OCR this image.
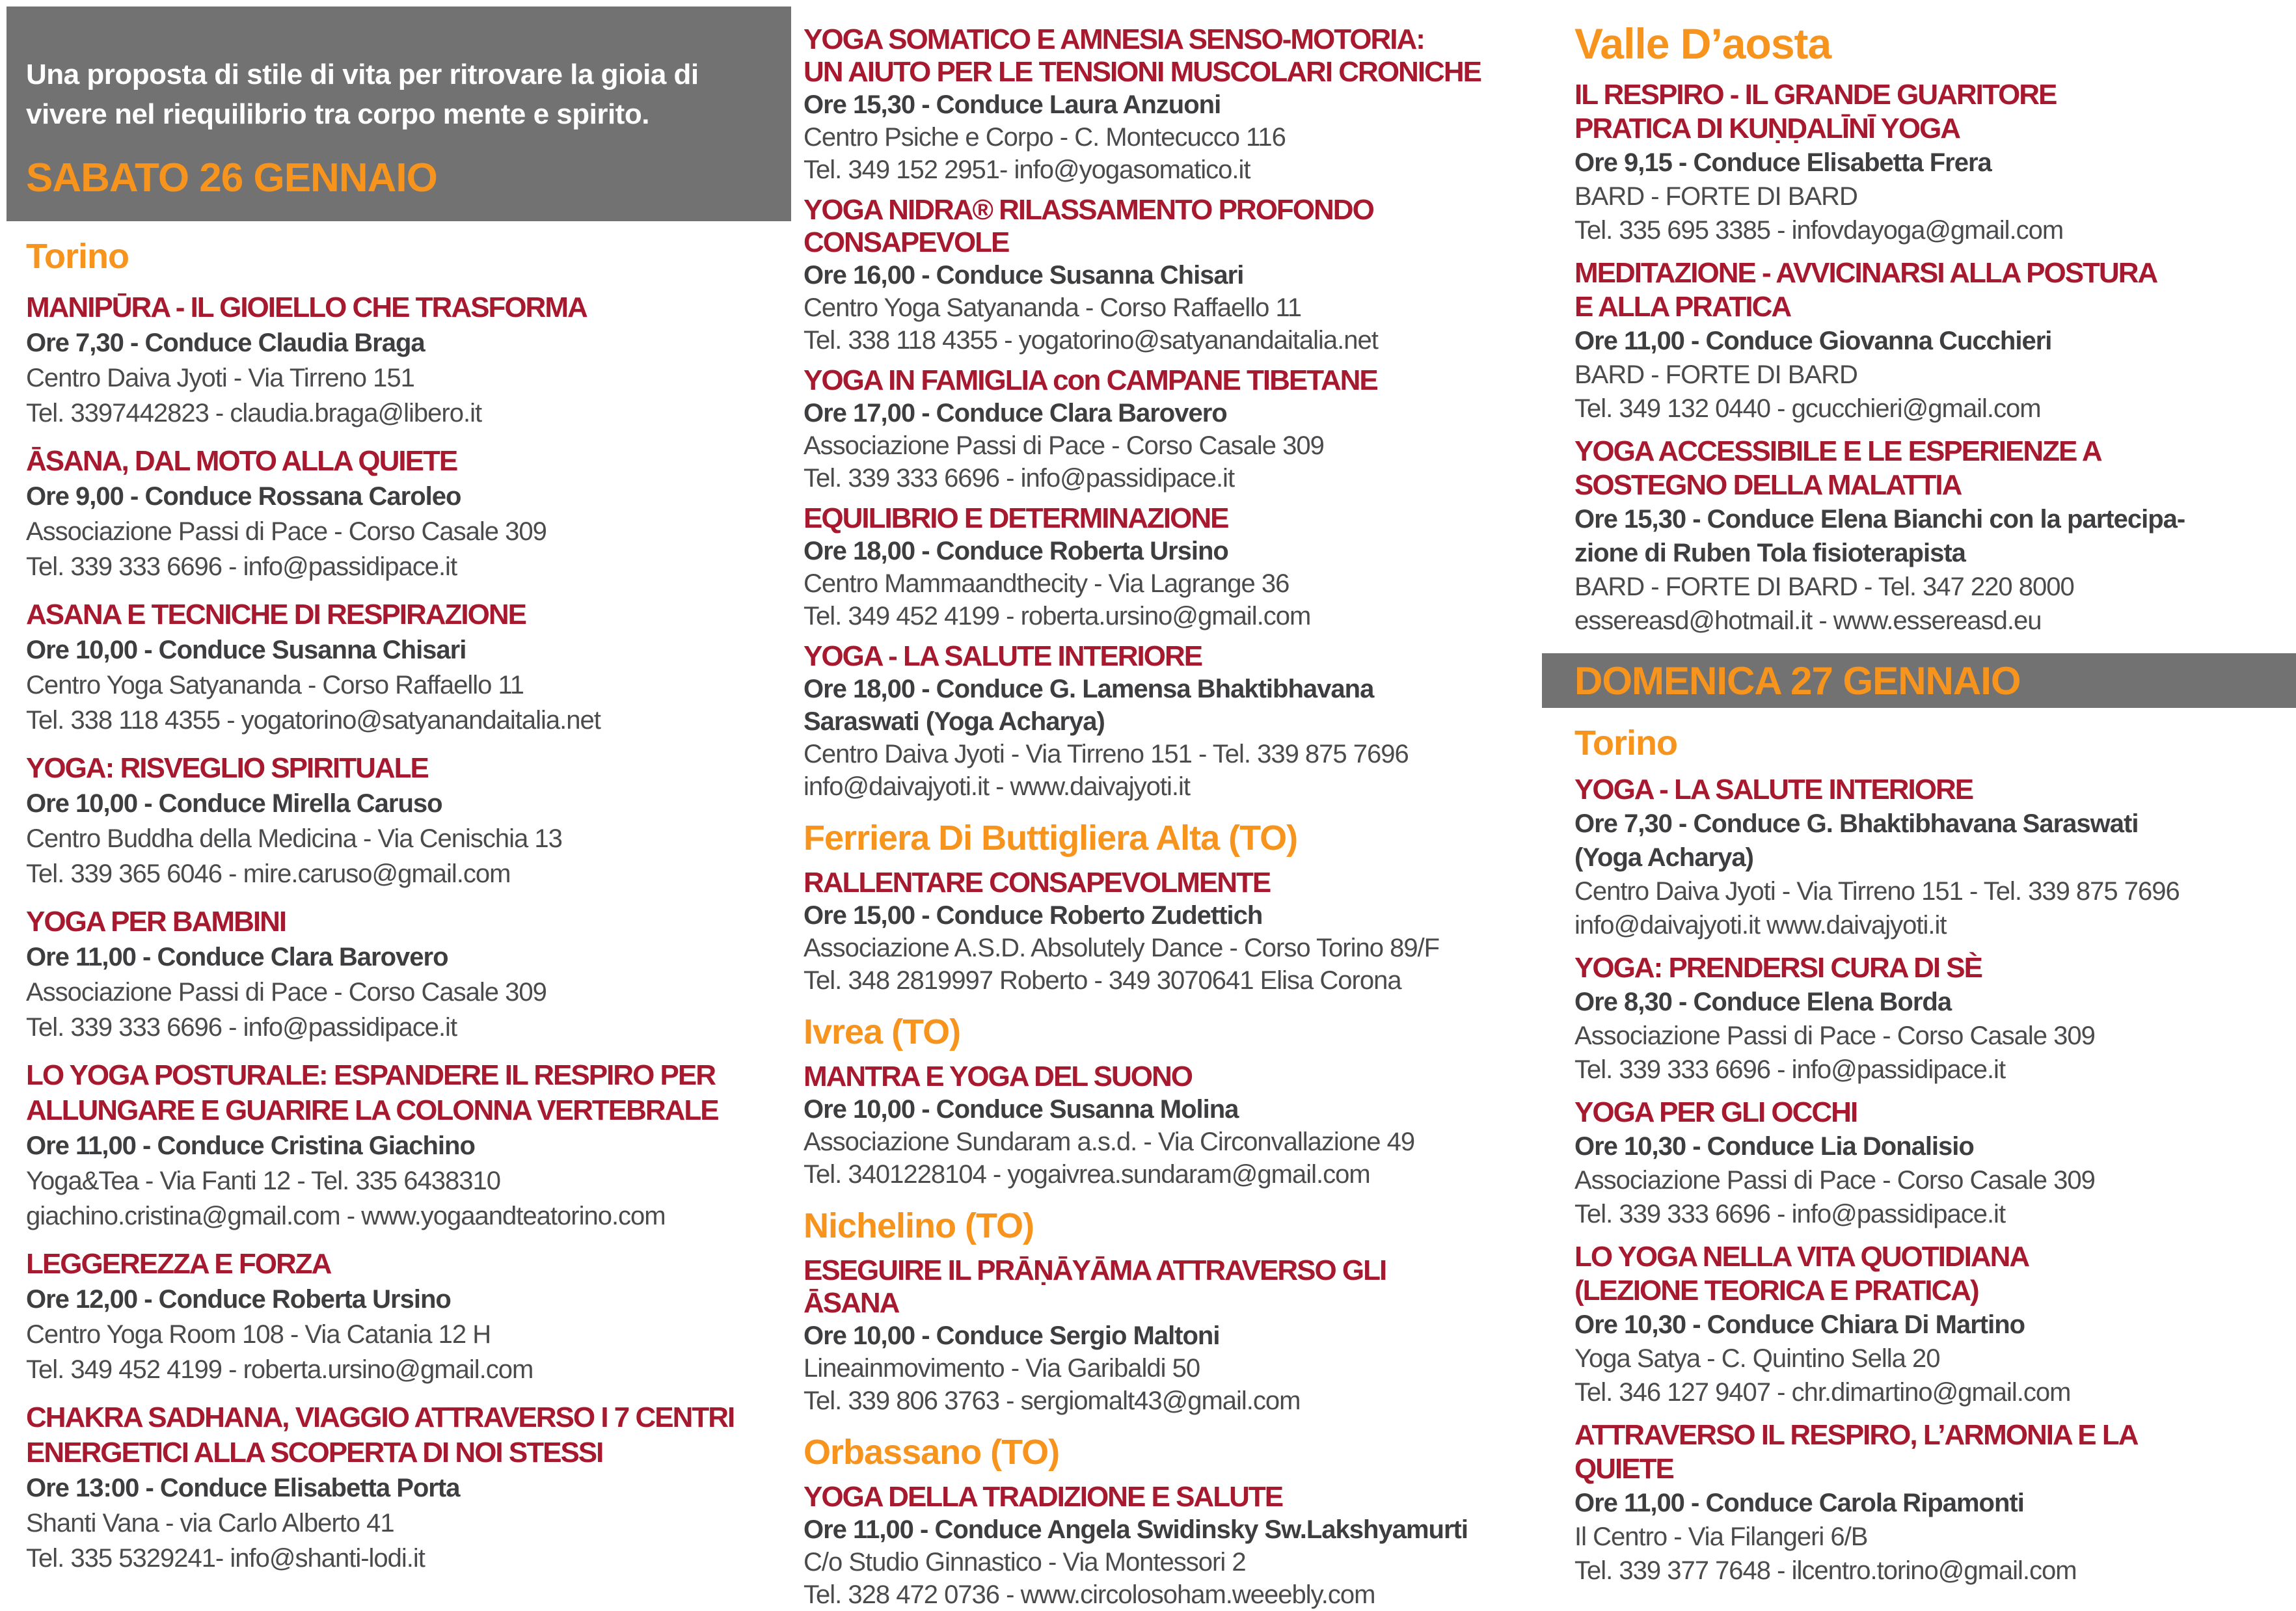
Una proposta di stile di vita per ritrovare la gioia di
vivere nel riequilibrio tra corpo mente e spirito.
SABATO 26 GENNAIO
Torino
MANIPŪRA - IL GIOIELLO CHE TRASFORMA
Ore 7,30 - Conduce Claudia Braga
Centro Daiva Jyoti - Via Tirreno 151
Tel. 3397442823 - claudia.braga@libero.it
ĀSANA, DAL MOTO ALLA QUIETE
Ore 9,00 - Conduce Rossana Caroleo
Associazione Passi di Pace - Corso Casale 309
Tel. 339 333 6696 - info@passidipace.it
ASANA E TECNICHE DI RESPIRAZIONE
Ore 10,00 - Conduce Susanna Chisari
Centro Yoga Satyananda - Corso Raffaello 11
Tel. 338 118 4355 - yogatorino@satyanandaitalia.net
YOGA: RISVEGLIO SPIRITUALE
Ore 10,00 - Conduce Mirella Caruso
Centro Buddha della Medicina - Via Cenischia 13
Tel. 339 365 6046 - mire.caruso@gmail.com
YOGA PER BAMBINI
Ore 11,00 - Conduce Clara Barovero
Associazione Passi di Pace - Corso Casale 309
Tel. 339 333 6696 - info@passidipace.it
LO YOGA POSTURALE: ESPANDERE IL RESPIRO PER
ALLUNGARE E GUARIRE LA COLONNA VERTEBRALE
Ore 11,00 - Conduce Cristina Giachino
Yoga&Tea - Via Fanti 12 - Tel. 335 6438310
giachino.cristina@gmail.com - www.yogaandteatorino.com
LEGGEREZZA E FORZA
Ore 12,00 - Conduce Roberta Ursino
Centro Yoga Room 108 - Via Catania 12 H
Tel. 349 452 4199 - roberta.ursino@gmail.com
CHAKRA SADHANA, VIAGGIO ATTRAVERSO I 7 CENTRI
ENERGETICI ALLA SCOPERTA DI NOI STESSI
Ore 13:00 - Conduce Elisabetta Porta
Shanti Vana - via Carlo Alberto 41
Tel. 335 5329241- info@shanti-lodi.it
YOGA SOMATICO E AMNESIA SENSO-MOTORIA:
UN AIUTO PER LE TENSIONI MUSCOLARI CRONICHE
Ore 15,30 - Conduce Laura Anzuoni
Centro Psiche e Corpo - C. Montecucco 116
Tel. 349 152 2951- info@yogasomatico.it
YOGA NIDRA® RILASSAMENTO PROFONDO
CONSAPEVOLE
Ore 16,00 - Conduce Susanna Chisari
Centro Yoga Satyananda - Corso Raffaello 11
Tel. 338 118 4355 - yogatorino@satyanandaitalia.net
YOGA IN FAMIGLIA con CAMPANE TIBETANE
Ore 17,00 - Conduce Clara Barovero
Associazione Passi di Pace - Corso Casale 309
Tel. 339 333 6696 - info@passidipace.it
EQUILIBRIO E DETERMINAZIONE
Ore 18,00 - Conduce Roberta Ursino
Centro Mammaandthecity - Via Lagrange 36
Tel. 349 452 4199 - roberta.ursino@gmail.com
YOGA - LA SALUTE INTERIORE
Ore 18,00 - Conduce G. Lamensa Bhaktibhavana
Saraswati (Yoga Acharya)
Centro Daiva Jyoti - Via Tirreno 151 - Tel. 339 875 7696
info@daivajyoti.it - www.daivajyoti.it
Ferriera Di Buttigliera Alta (TO)
RALLENTARE CONSAPEVOLMENTE
Ore 15,00 - Conduce Roberto Zudettich
Associazione A.S.D. Absolutely Dance - Corso Torino 89/F
Tel. 348 2819997 Roberto - 349 3070641 Elisa Corona
Ivrea (TO)
MANTRA E YOGA DEL SUONO
Ore 10,00 - Conduce Susanna Molina
Associazione Sundaram a.s.d. - Via Circonvallazione 49
Tel. 3401228104 - yogaivrea.sundaram@gmail.com
Nichelino (TO)
ESEGUIRE IL PRĀṆĀYĀMA ATTRAVERSO GLI
ĀSANA
Ore 10,00 - Conduce Sergio Maltoni
Lineainmovimento - Via Garibaldi 50
Tel. 339 806 3763 - sergiomalt43@gmail.com
Orbassano (TO)
YOGA DELLA TRADIZIONE E SALUTE
Ore 11,00 - Conduce Angela Swidinsky Sw.Lakshyamurti
C/o Studio Ginnastico - Via Montessori 2
Tel. 328 472 0736 - www.circolosoham.weeebly.com
Valle D’aosta
IL RESPIRO - IL GRANDE GUARITORE
PRATICA DI KUṆḌALĪNĪ YOGA
Ore 9,15 - Conduce Elisabetta Frera
BARD - FORTE DI BARD
Tel. 335 695 3385 - infovdayoga@gmail.com
MEDITAZIONE - AVVICINARSI ALLA POSTURA
E ALLA PRATICA
Ore 11,00 - Conduce Giovanna Cucchieri
BARD - FORTE DI BARD
Tel. 349 132 0440 - gcucchieri@gmail.com
YOGA ACCESSIBILE E LE ESPERIENZE A
SOSTEGNO DELLA MALATTIA
Ore 15,30 - Conduce Elena Bianchi con la partecipa-
zione di Ruben Tola fisioterapista
BARD - FORTE DI BARD - Tel. 347 220 8000
essereasd@hotmail.it - www.essereasd.eu
DOMENICA 27 GENNAIO
Torino
YOGA - LA SALUTE INTERIORE
Ore 7,30 - Conduce G. Bhaktibhavana Saraswati
(Yoga Acharya)
Centro Daiva Jyoti - Via Tirreno 151 - Tel. 339 875 7696
info@daivajyoti.it www.daivajyoti.it
YOGA: PRENDERSI CURA DI SÈ
Ore 8,30 - Conduce Elena Borda
Associazione Passi di Pace - Corso Casale 309
Tel. 339 333 6696 - info@passidipace.it
YOGA PER GLI OCCHI
Ore 10,30 - Conduce Lia Donalisio
Associazione Passi di Pace - Corso Casale 309
Tel. 339 333 6696 - info@passidipace.it
LO YOGA NELLA VITA QUOTIDIANA
(LEZIONE TEORICA E PRATICA)
Ore 10,30 - Conduce Chiara Di Martino
Yoga Satya - C. Quintino Sella 20
Tel. 346 127 9407 - chr.dimartino@gmail.com
ATTRAVERSO IL RESPIRO, L’ARMONIA E LA
QUIETE
Ore 11,00 - Conduce Carola Ripamonti
Il Centro - Via Filangeri 6/B
Tel. 339 377 7648 - ilcentro.torino@gmail.com
